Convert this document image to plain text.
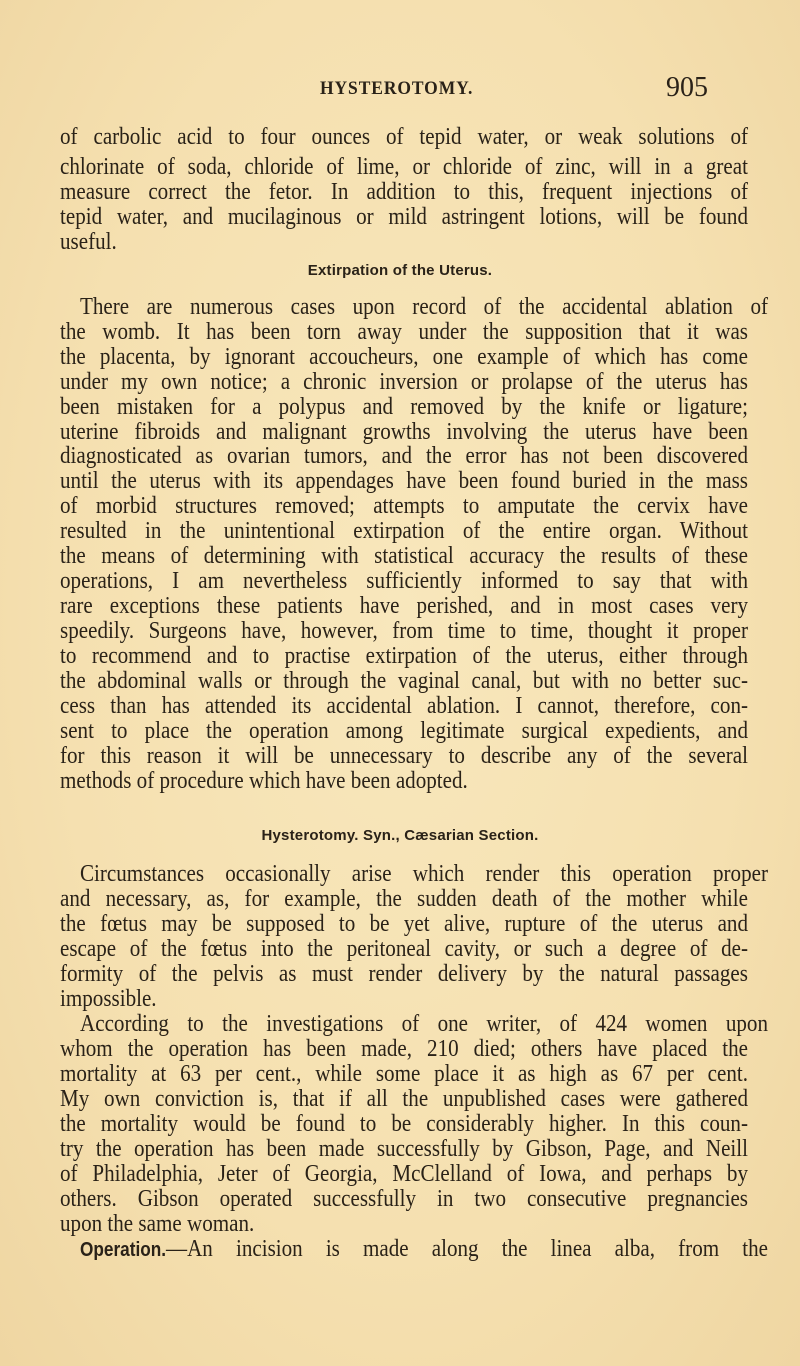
HYSTEROTOMY.	905
of carbolic acid to four ounces of tepid water, or weak solutions of
chlorinate of soda, chloride of lime, or chloride of zinc, will in a great
measure correct the fetor. In addition to this, frequent injections of
tepid water, and mucilaginous or mild astringent lotions, will be found
useful.
Extirpation of the Uterus.
There are numerous cases upon record of the accidental ablation of
the womb. It has been torn away under the supposition that it was
the placenta, by ignorant accoucheurs, one example of which has come
under my own notice; a chronic inversion or prolapse of the uterus has
been mistaken for a polypus and removed by the knife or ligature;
uterine fibroids and malignant growths involving the uterus have been
diagnosticated as ovarian tumors, and the error has not been discovered
until the uterus with its appendages have been found buried in the mass
of morbid structures removed; attempts to amputate the cervix have
resulted in the unintentional extirpation of the entire organ. Without
the means of determining with statistical accuracy the results of these
operations, I am nevertheless sufficiently informed to say that with
rare exceptions these patients have perished, and in most cases very
speedily. Surgeons have, however, from time to time, thought it proper
to recommend and to practise extirpation of the uterus, either through
the abdominal walls or through the vaginal canal, but with no better suc-
cess than has attended its accidental ablation. I cannot, therefore, con-
sent to place the operation among legitimate surgical expedients, and
for this reason it will be unnecessary to describe any of the several
methods of procedure which have been adopted.
Hysterotomy. Syn., Cæsarian Section.
Circumstances occasionally arise which render this operation proper
and necessary, as, for example, the sudden death of the mother while
the fœtus may be supposed to be yet alive, rupture of the uterus and
escape of the fœtus into the peritoneal cavity, or such a degree of de-
formity of the pelvis as must render delivery by the natural passages
impossible.
According to the investigations of one writer, of 424 women upon
whom the operation has been made, 210 died; others have placed the
mortality at 63 per cent., while some place it as high as 67 per cent.
My own conviction is, that if all the unpublished cases were gathered
the mortality would be found to be considerably higher. In this coun-
try the operation has been made successfully by Gibson, Page, and Neill
of Philadelphia, Jeter of Georgia, McClelland of Iowa, and perhaps by
others. Gibson operated successfully in two consecutive pregnancies
upon the same woman.
Operation.—An incision is made along the linea alba, from the
